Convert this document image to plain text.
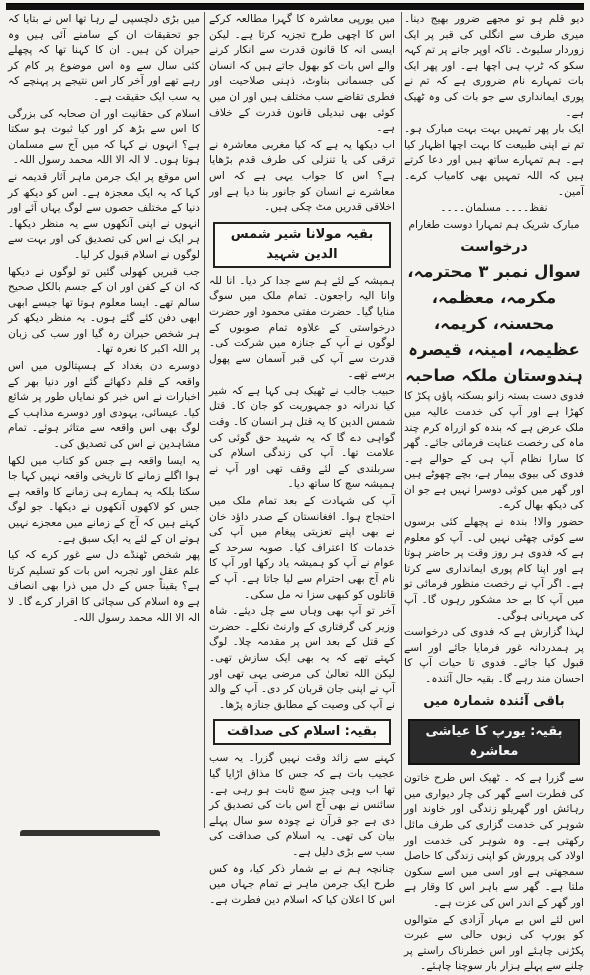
دیو قلم ہو تو مجھے ضرور بھیج دینا۔ میری طرف سے انگلی کی قبر پر ایک زوردار سلیوٹ۔ تاکہ اوپر جانے پر تم کہہ سکو کہ ٹرپ ہی اچھا ہے۔ اور پھر ایک بات تمہارے نام ضروری ہے کہ تم نے پوری ایمانداری سے جو بات کی وہ ٹھیک ہے۔

ایک بار پھر تمہیں بہت بہت مبارک ہو۔ تم نے اپنی طبیعت کا بہت اچھا اظہار کیا ہے۔ ہم تمہارے ساتھ ہیں اور دعا کرتے ہیں کہ اللہ تمہیں بھی کامیاب کرے۔ آمین۔

نفظ۔۔۔۔ مسلمان۔۔۔۔

مبارک شریک ہم تمہارا دوست طغارام

درخواست
سوال نمبر ۳ محترمہ، مکرمہ، معظمہ، محسنہ، کریمہ، عظیمہ، امینہ، قیصرہ ہندوستان ملکہ صاحبہ

فدوی دست بستہ زانو بسکتہ پاؤں پکڑ کا کھڑا ہے اور آپ کی خدمت عالیہ میں ملک عرض ہے کہ بندہ کو ازراہ کرم چند ماہ کی رخصت عنایت فرمائی جائے۔ گھر کا سارا نظام آپ ہی کے حوالے ہے۔ فدوی کی بیوی بیمار ہے، بچے چھوٹے ہیں اور گھر میں کوئی دوسرا نہیں ہے جو ان کی دیکھ بھال کرے۔

حضور والا! بندہ نے پچھلے کئی برسوں سے کوئی چھٹی نہیں لی۔ آپ کو معلوم ہے کہ فدوی ہر روز وقت پر حاضر ہوتا ہے اور اپنا کام پوری ایمانداری سے کرتا ہے۔ اگر آپ نے رخصت منظور فرمائی تو میں آپ کا بے حد مشکور رہوں گا۔ آپ کی مہربانی ہوگی۔

لہذا گزارش ہے کہ فدوی کی درخواست پر ہمدردانہ غور فرمایا جائے اور اسے قبول کیا جائے۔ فدوی تا حیات آپ کا احسان مند رہے گا۔ بقیہ حال آئندہ۔

باقی آئندہ شمارہ میں
بقیہ: یورپ کا عیاشی معاشرہ

سے گزرا ہے کہ ۔ ٹھیک اس طرح خاتون کی فطرت اسے گھر کی چار دیواری میں رہائش اور گھریلو زندگی اور خاوند اور شوہر کی خدمت گزاری کی طرف مائل رکھتی ہے۔ وہ شوہر کی خدمت اور اولاد کی پرورش کو اپنی زندگی کا حاصل سمجھتی ہے اور اسی میں اسے سکون ملتا ہے۔ گھر سے باہر اس کا وقار ہے اور گھر کے اندر اس کی عزت ہے۔

اس لئے اس بے مہار آزادی کے متوالوں کو یورپ کی زبوں حالی سے عبرت پکڑنی چاہئے اور اس خطرناک راستے پر چلنے سے پہلے ہزار بار سوچنا چاہئے۔

میں یورپی معاشرہ کا گہرا مطالعہ کرکے اس کا اچھی طرح تجزیہ کرتا ہے۔ لیکن ایسی انہ کا قانون قدرت سے انکار کرنے والے اس بات کو بھول جاتے ہیں کہ انسان کی جسمانی بناوٹ، ذہنی صلاحیت اور فطری تقاضے سب مختلف ہیں اور ان میں کوئی بھی تبدیلی قانون قدرت کے خلاف ہے۔

اب دیکھا یہ ہے کہ کیا مغربی معاشرہ نے ترقی کی یا تنزلی کی طرف قدم بڑھایا ہے؟ اس کا جواب یہی ہے کہ اس معاشرے نے انسان کو جانور بنا دیا ہے اور اخلاقی قدریں مٹ چکی ہیں۔

بقیہ مولانا شیر شمس الدین شہید

ہمیشہ کے لئے ہم سے جدا کر دیا۔ انا للہ وانا الیہ راجعون۔ تمام ملک میں سوگ منایا گیا۔ حضرت مفتی محمود اور حضرت درخواستی کے علاوہ تمام صوبوں کے لوگوں نے آپ کے جنازہ میں شرکت کی۔ قدرت سے آپ کی قبر آسمان سے پھول برسے تھے۔

حبیب جالب نے ٹھیک ہی کہا ہے کہ شیر کیا ندرانہ دو جمہوریت کو جان کا۔ قتل شمس الدین کا یہ قتل ہر انسان کا۔ وقت گواہی دے گا کہ یہ شہید حق گوئی کی علامت تھا۔ آپ کی زندگی اسلام کی سربلندی کے لئے وقف تھی اور آپ نے ہمیشہ سچ کا ساتھ دیا۔

آپ کی شہادت کے بعد تمام ملک میں احتجاج ہوا۔ افغانستان کے صدر داؤد خان نے بھی اپنے تعزیتی پیغام میں آپ کی خدمات کا اعتراف کیا۔ صوبہ سرحد کے عوام نے آپ کو ہمیشہ یاد رکھا اور آپ کا نام آج بھی احترام سے لیا جاتا ہے۔ آپ کے قاتلوں کو کبھی سزا نہ مل سکی۔

آخر تو آپ بھی وہاں سے چل دیئے۔ شاہ وزیر کی گرفتاری کے وارنٹ نکلے۔ حضرت کے قتل کے بعد اس پر مقدمہ چلا۔ لوگ کہتے تھے کہ یہ بھی ایک سازش تھی۔ لیکن اللہ تعالیٰ کی مرضی یہی تھی اور آپ نے اپنی جان قربان کر دی۔ آپ کے والد نے آپ کی وصیت کے مطابق جنازہ پڑھا۔

بقیہ: اسلام کی صداقت

کہنے سے زائد وقت نہیں گزرا۔ یہ سب عجیب بات ہے کہ جس کا مذاق اڑایا گیا تھا اب وہی چیز سچ ثابت ہو رہی ہے۔ سائنس نے بھی آج اس بات کی تصدیق کر دی ہے جو قرآن نے چودہ سو سال پہلے بیان کی تھی۔ یہ اسلام کی صداقت کی سب سے بڑی دلیل ہے۔

چنانچہ ہم نے بے شمار ذکر کیا، وہ کس طرح ایک جرمن ماہر نے تمام جہاں میں اس کا اعلان کیا کہ اسلام دین فطرت ہے۔

میں بڑی دلچسپی لے رہا تھا اس نے بتایا کہ جو تحقیقات ان کے سامنے آئی ہیں وہ حیران کن ہیں۔ ان کا کہنا تھا کہ پچھلے کئی سال سے وہ اس موضوع پر کام کر رہے تھے اور آخر کار اس نتیجے پر پہنچے کہ یہ سب ایک حقیقت ہے۔

اسلام کی حقانیت اور ان صحابہ کی بزرگی کا اس سے بڑھ کر اور کیا ثبوت ہو سکتا ہے؟ انہوں نے کہا کہ میں آج سے مسلمان ہوتا ہوں۔ لا الہ الا اللہ محمد رسول اللہ۔

اس موقع پر ایک جرمن ماہر آثار قدیمہ نے کہا کہ یہ ایک معجزہ ہے۔ اس کو دیکھ کر دنیا کے مختلف حصوں سے لوگ یہاں آئے اور انہوں نے اپنی آنکھوں سے یہ منظر دیکھا۔ ہر ایک نے اس کی تصدیق کی اور بہت سے لوگوں نے اسلام قبول کر لیا۔

جب قبریں کھولی گئیں تو لوگوں نے دیکھا کہ ان کے کفن اور ان کے جسم بالکل صحیح سالم تھے۔ ایسا معلوم ہوتا تھا جیسے ابھی ابھی دفن کئے گئے ہوں۔ یہ منظر دیکھ کر ہر شخص حیران رہ گیا اور سب کی زبان پر اللہ اکبر کا نعرہ تھا۔

دوسرے دن بغداد کے ہسپتالوں میں اس واقعہ کے فلم دکھائے گئے اور دنیا بھر کے اخبارات نے اس خبر کو نمایاں طور پر شائع کیا۔ عیسائی، یہودی اور دوسرے مذاہب کے لوگ بھی اس واقعہ سے متاثر ہوئے۔ تمام مشاہدین نے اس کی تصدیق کی۔

یہ ایسا واقعہ ہے جس کو کتاب میں لکھا ہوا اگلے زمانے کا تاریخی واقعہ نہیں کہا جا سکتا بلکہ یہ ہمارے ہی زمانے کا واقعہ ہے جس کو لاکھوں آنکھوں نے دیکھا۔ جو لوگ کہتے ہیں کہ آج کے زمانے میں معجزے نہیں ہوتے ان کے لئے یہ ایک سبق ہے۔

پھر شخص ٹھنڈے دل سے غور کرے کہ کیا علم عقل اور تجربہ اس بات کو تسلیم کرتا ہے؟ یقیناً جس کے دل میں ذرا بھی انصاف ہے وہ اسلام کی سچائی کا اقرار کرے گا۔ لا الہ الا اللہ محمد رسول اللہ۔
